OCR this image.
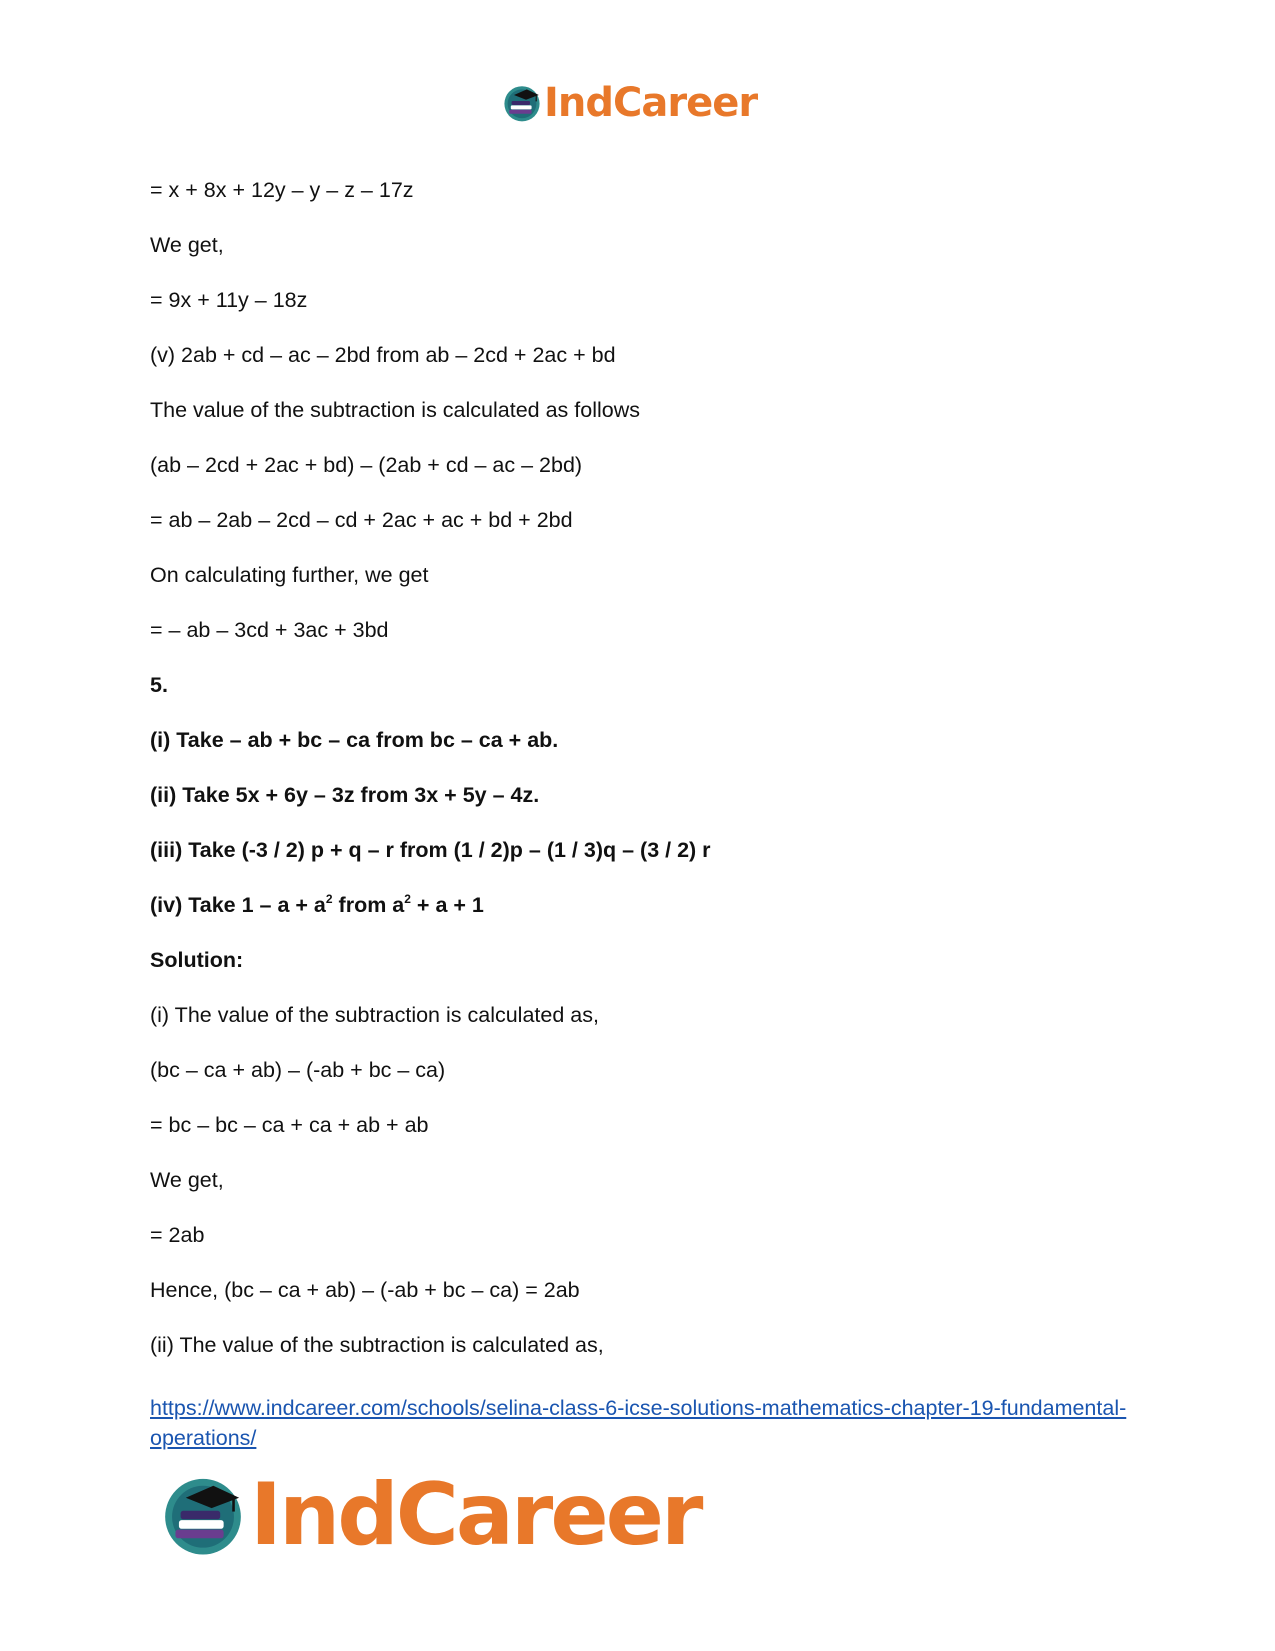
IndCareer
= x + 8x + 12y – y – z – 17z
We get,
= 9x + 11y – 18z
(v) 2ab + cd – ac – 2bd from ab – 2cd + 2ac + bd
The value of the subtraction is calculated as follows
(ab – 2cd + 2ac + bd) – (2ab + cd – ac – 2bd)
= ab – 2ab – 2cd – cd + 2ac + ac + bd + 2bd
On calculating further, we get
= – ab – 3cd + 3ac + 3bd
5.
(i) Take – ab + bc – ca from bc – ca + ab.
(ii) Take 5x + 6y – 3z from 3x + 5y – 4z.
(iii) Take (-3 / 2) p + q – r from (1 / 2)p – (1 / 3)q – (3 / 2) r
(iv) Take $1 - a + a^2$ from $a^2 + a + 1$
Solution:
(i) The value of the subtraction is calculated as,
(bc – ca + ab) – (-ab + bc – ca)
= bc – bc – ca + ca + ab + ab
We get,
= 2ab
Hence, (bc – ca + ab) – (-ab + bc – ca) = 2ab
(ii) The value of the subtraction is calculated as,
https://www.indcareer.com/schools/selina-class-6-icse-solutions-mathematics-chapter-19-fundamental-operations/
IndCareer
